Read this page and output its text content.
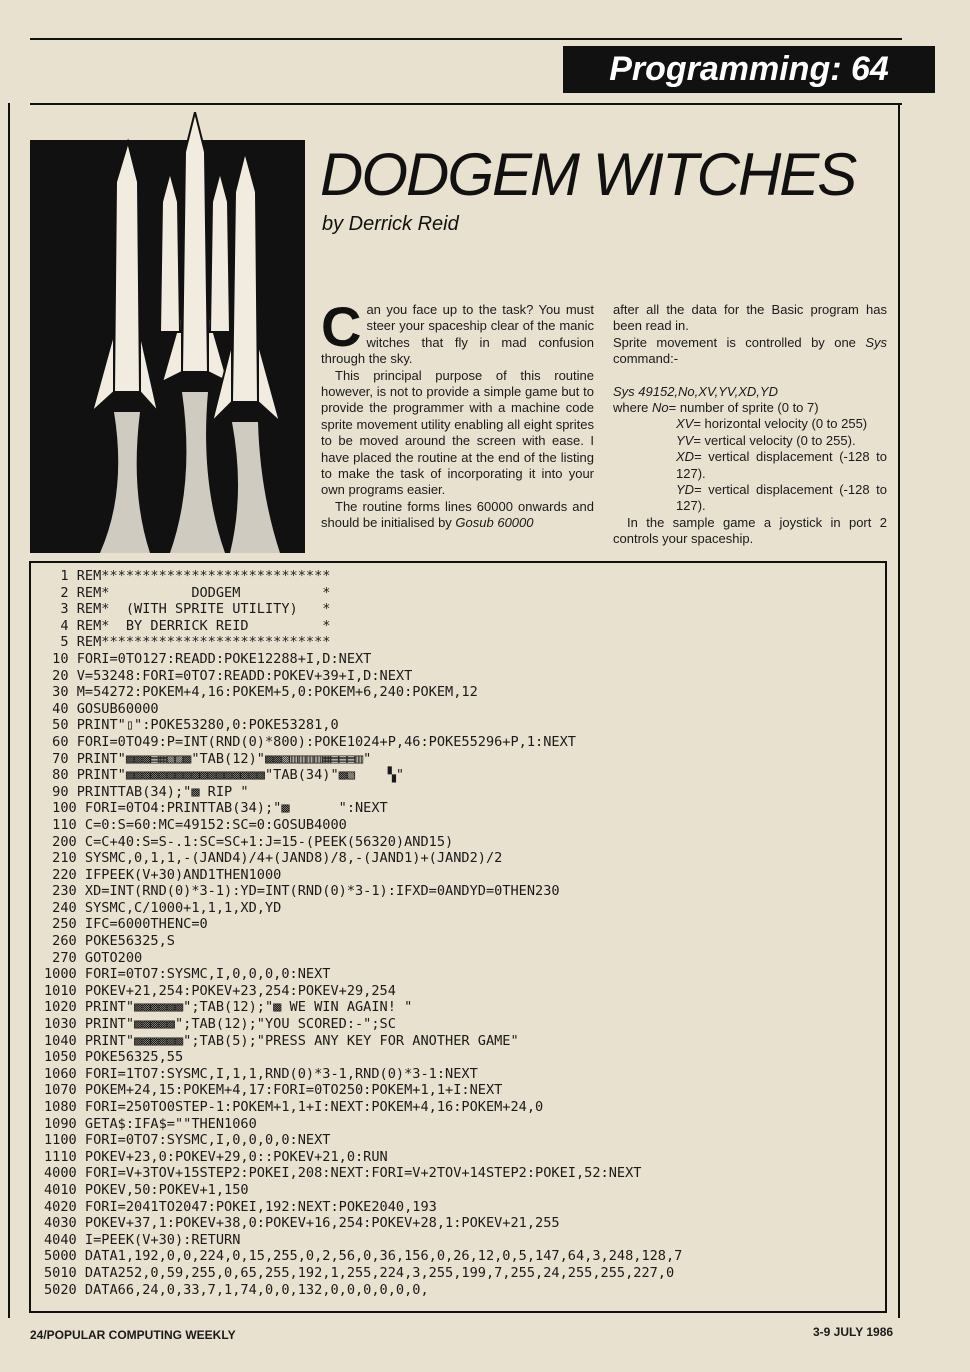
Programming: 64
DODGEM WITCHES
by Derrick Reid

Can you face up to the task? You must steer your spaceship clear of the manic witches that fly in mad confusion through the sky.

This principal purpose of this routine however, is not to provide a simple game but to provide the programmer with a machine code sprite movement utility enabling all eight sprites to be moved around the screen with ease. I have placed the routine at the end of the listing to make the task of incorporating it into your own programs easier.

The routine forms lines 60000 onwards and should be initialised by Gosub 60000

after all the data for the Basic program has been read in.

Sprite movement is controlled by one Sys command:-

Sys 49152,No,XV,YV,XD,YD

where No= number of sprite (0 to 7)

XV= horizontal velocity (0 to 255)

YV= vertical velocity (0 to 255).

XD= vertical displacement (-128 to 127).

YD= vertical displacement (-128 to 127).

In the sample game a joystick in port 2 controls your spaceship.

1 REM****************************
2 REM*          DODGEM          *
3 REM*  (WITH SPRITE UTILITY)   *
4 REM*  BY DERRICK REID         *
5 REM****************************
10 FORI=0TO127:READD:POKE12288+I,D:NEXT
20 V=53248:FORI=0TO7:READD:POKEV+39+I,D:NEXT
30 M=54272:POKEM+4,16:POKEM+5,0:POKEM+6,240:POKEM,12
40 GOSUB60000
50 PRINT"▯":POKE53280,0:POKE53281,0
60 FORI=0TO49:P=INT(RND(0)*800):POKE1024+P,46:POKE55296+P,1:NEXT
70 PRINT"▩▩▩▤▦▧▨▩"TAB(12)"▩▩▧▥▥▥▥▦▤▤▤▥"
80 PRINT"▩▩▩▩▩▩▩▩▩▩▩▩▩▩▩▩▩"TAB(34)"▩▧    ▚"
90 PRINTTAB(34);"▩ RIP "
100 FORI=0TO4:PRINTTAB(34);"▩      ":NEXT
110 C=0:S=60:MC=49152:SC=0:GOSUB4000
200 C=C+40:S=S-.1:SC=SC+1:J=15-(PEEK(56320)AND15)
210 SYSMC,0,1,1,-(JAND4)/4+(JAND8)/8,-(JAND1)+(JAND2)/2
220 IFPEEK(V+30)AND1THEN1000
230 XD=INT(RND(0)*3-1):YD=INT(RND(0)*3-1):IFXD=0ANDYD=0THEN230
240 SYSMC,C/1000+1,1,1,XD,YD
250 IFC=6000THENC=0
260 POKE56325,S
270 GOTO200
1000 FORI=0TO7:SYSMC,I,0,0,0,0:NEXT
1010 POKEV+21,254:POKEV+23,254:POKEV+29,254
1020 PRINT"▩▩▩▩▩▩";TAB(12);"▩ WE WIN AGAIN! "
1030 PRINT"▩▩▩▩▩";TAB(12);"YOU SCORED:-";SC
1040 PRINT"▩▩▩▩▩▩";TAB(5);"PRESS ANY KEY FOR ANOTHER GAME"
1050 POKE56325,55
1060 FORI=1TO7:SYSMC,I,1,1,RND(0)*3-1,RND(0)*3-1:NEXT
1070 POKEM+24,15:POKEM+4,17:FORI=0TO250:POKEM+1,1+I:NEXT
1080 FORI=250TO0STEP-1:POKEM+1,1+I:NEXT:POKEM+4,16:POKEM+24,0
1090 GETA$:IFA$=""THEN1060
1100 FORI=0TO7:SYSMC,I,0,0,0,0:NEXT
1110 POKEV+23,0:POKEV+29,0::POKEV+21,0:RUN
4000 FORI=V+3TOV+15STEP2:POKEI,208:NEXT:FORI=V+2TOV+14STEP2:POKEI,52:NEXT
4010 POKEV,50:POKEV+1,150
4020 FORI=2041TO2047:POKEI,192:NEXT:POKE2040,193
4030 POKEV+37,1:POKEV+38,0:POKEV+16,254:POKEV+28,1:POKEV+21,255
4040 I=PEEK(V+30):RETURN
5000 DATA1,192,0,0,224,0,15,255,0,2,56,0,36,156,0,26,12,0,5,147,64,3,248,128,7
5010 DATA252,0,59,255,0,65,255,192,1,255,224,3,255,199,7,255,24,255,255,227,0
5020 DATA66,24,0,33,7,1,74,0,0,132,0,0,0,0,0,0,
24/POPULAR COMPUTING WEEKLY	3-9 JULY 1986
